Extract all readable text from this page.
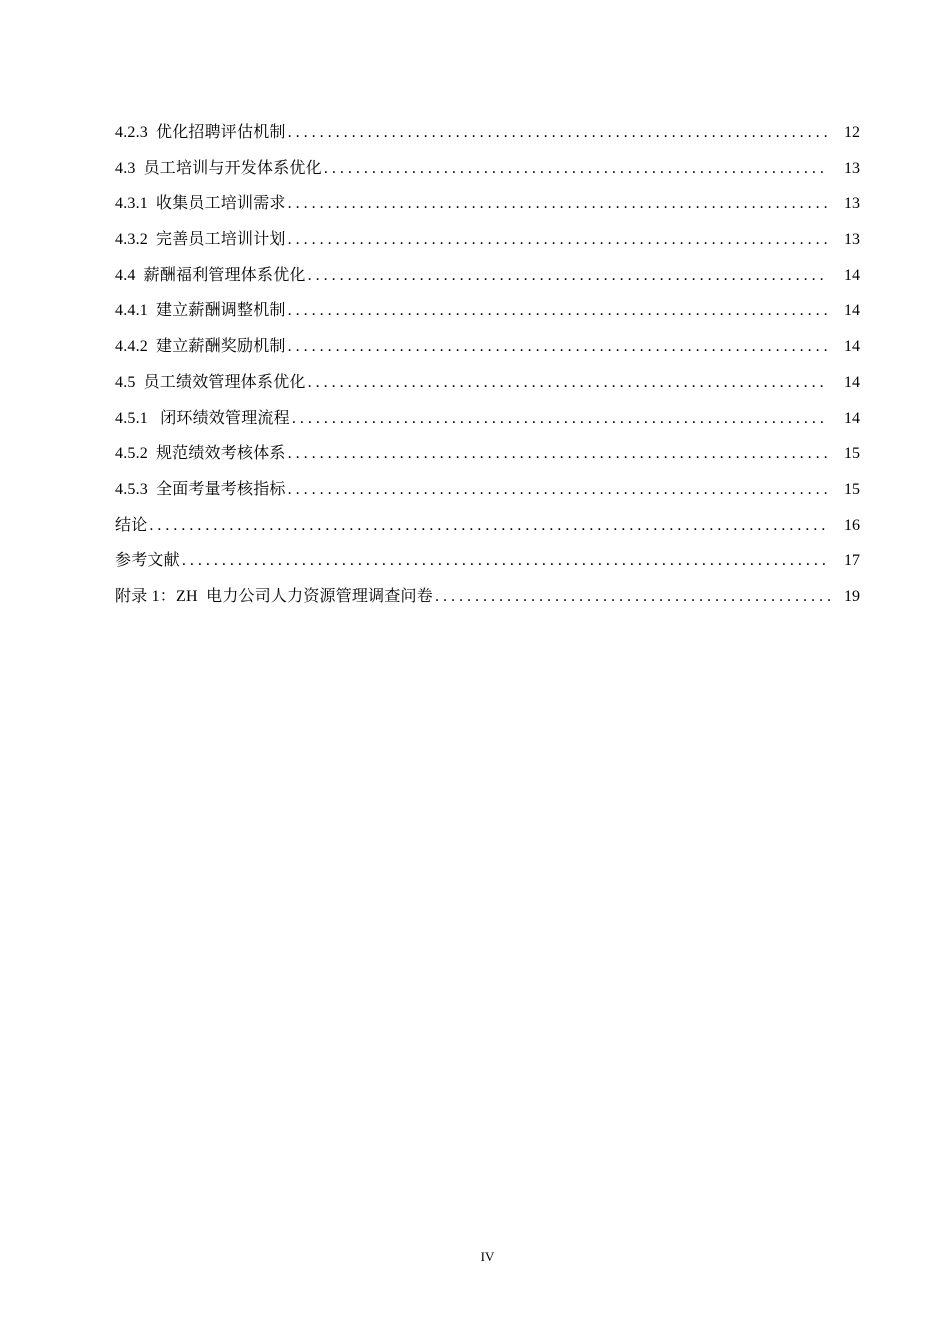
4.2.3 优化招聘评估机制 . . .	12
4.3 员工培训与开发体系优化 . . .	13
4.3.1 收集员工培训需求 . . .	13
4.3.2 完善员工培训计划 . . .	13
4.4 薪酬福利管理体系优化 . . .	14
4.4.1 建立薪酬调整机制 . . .	14
4.4.2 建立薪酬奖励机制 . . .	14
4.5 员工绩效管理体系优化 . . .	14
4.5.1 闭环绩效管理流程 . . .	14
4.5.2 规范绩效考核体系 . . .	15
4.5.3 全面考量考核指标 . . .	15
结论 . . .	16
参考文献 . . .	17
附录 1：ZH  电力公司人力资源管理调查问卷 . . .	19
IV
